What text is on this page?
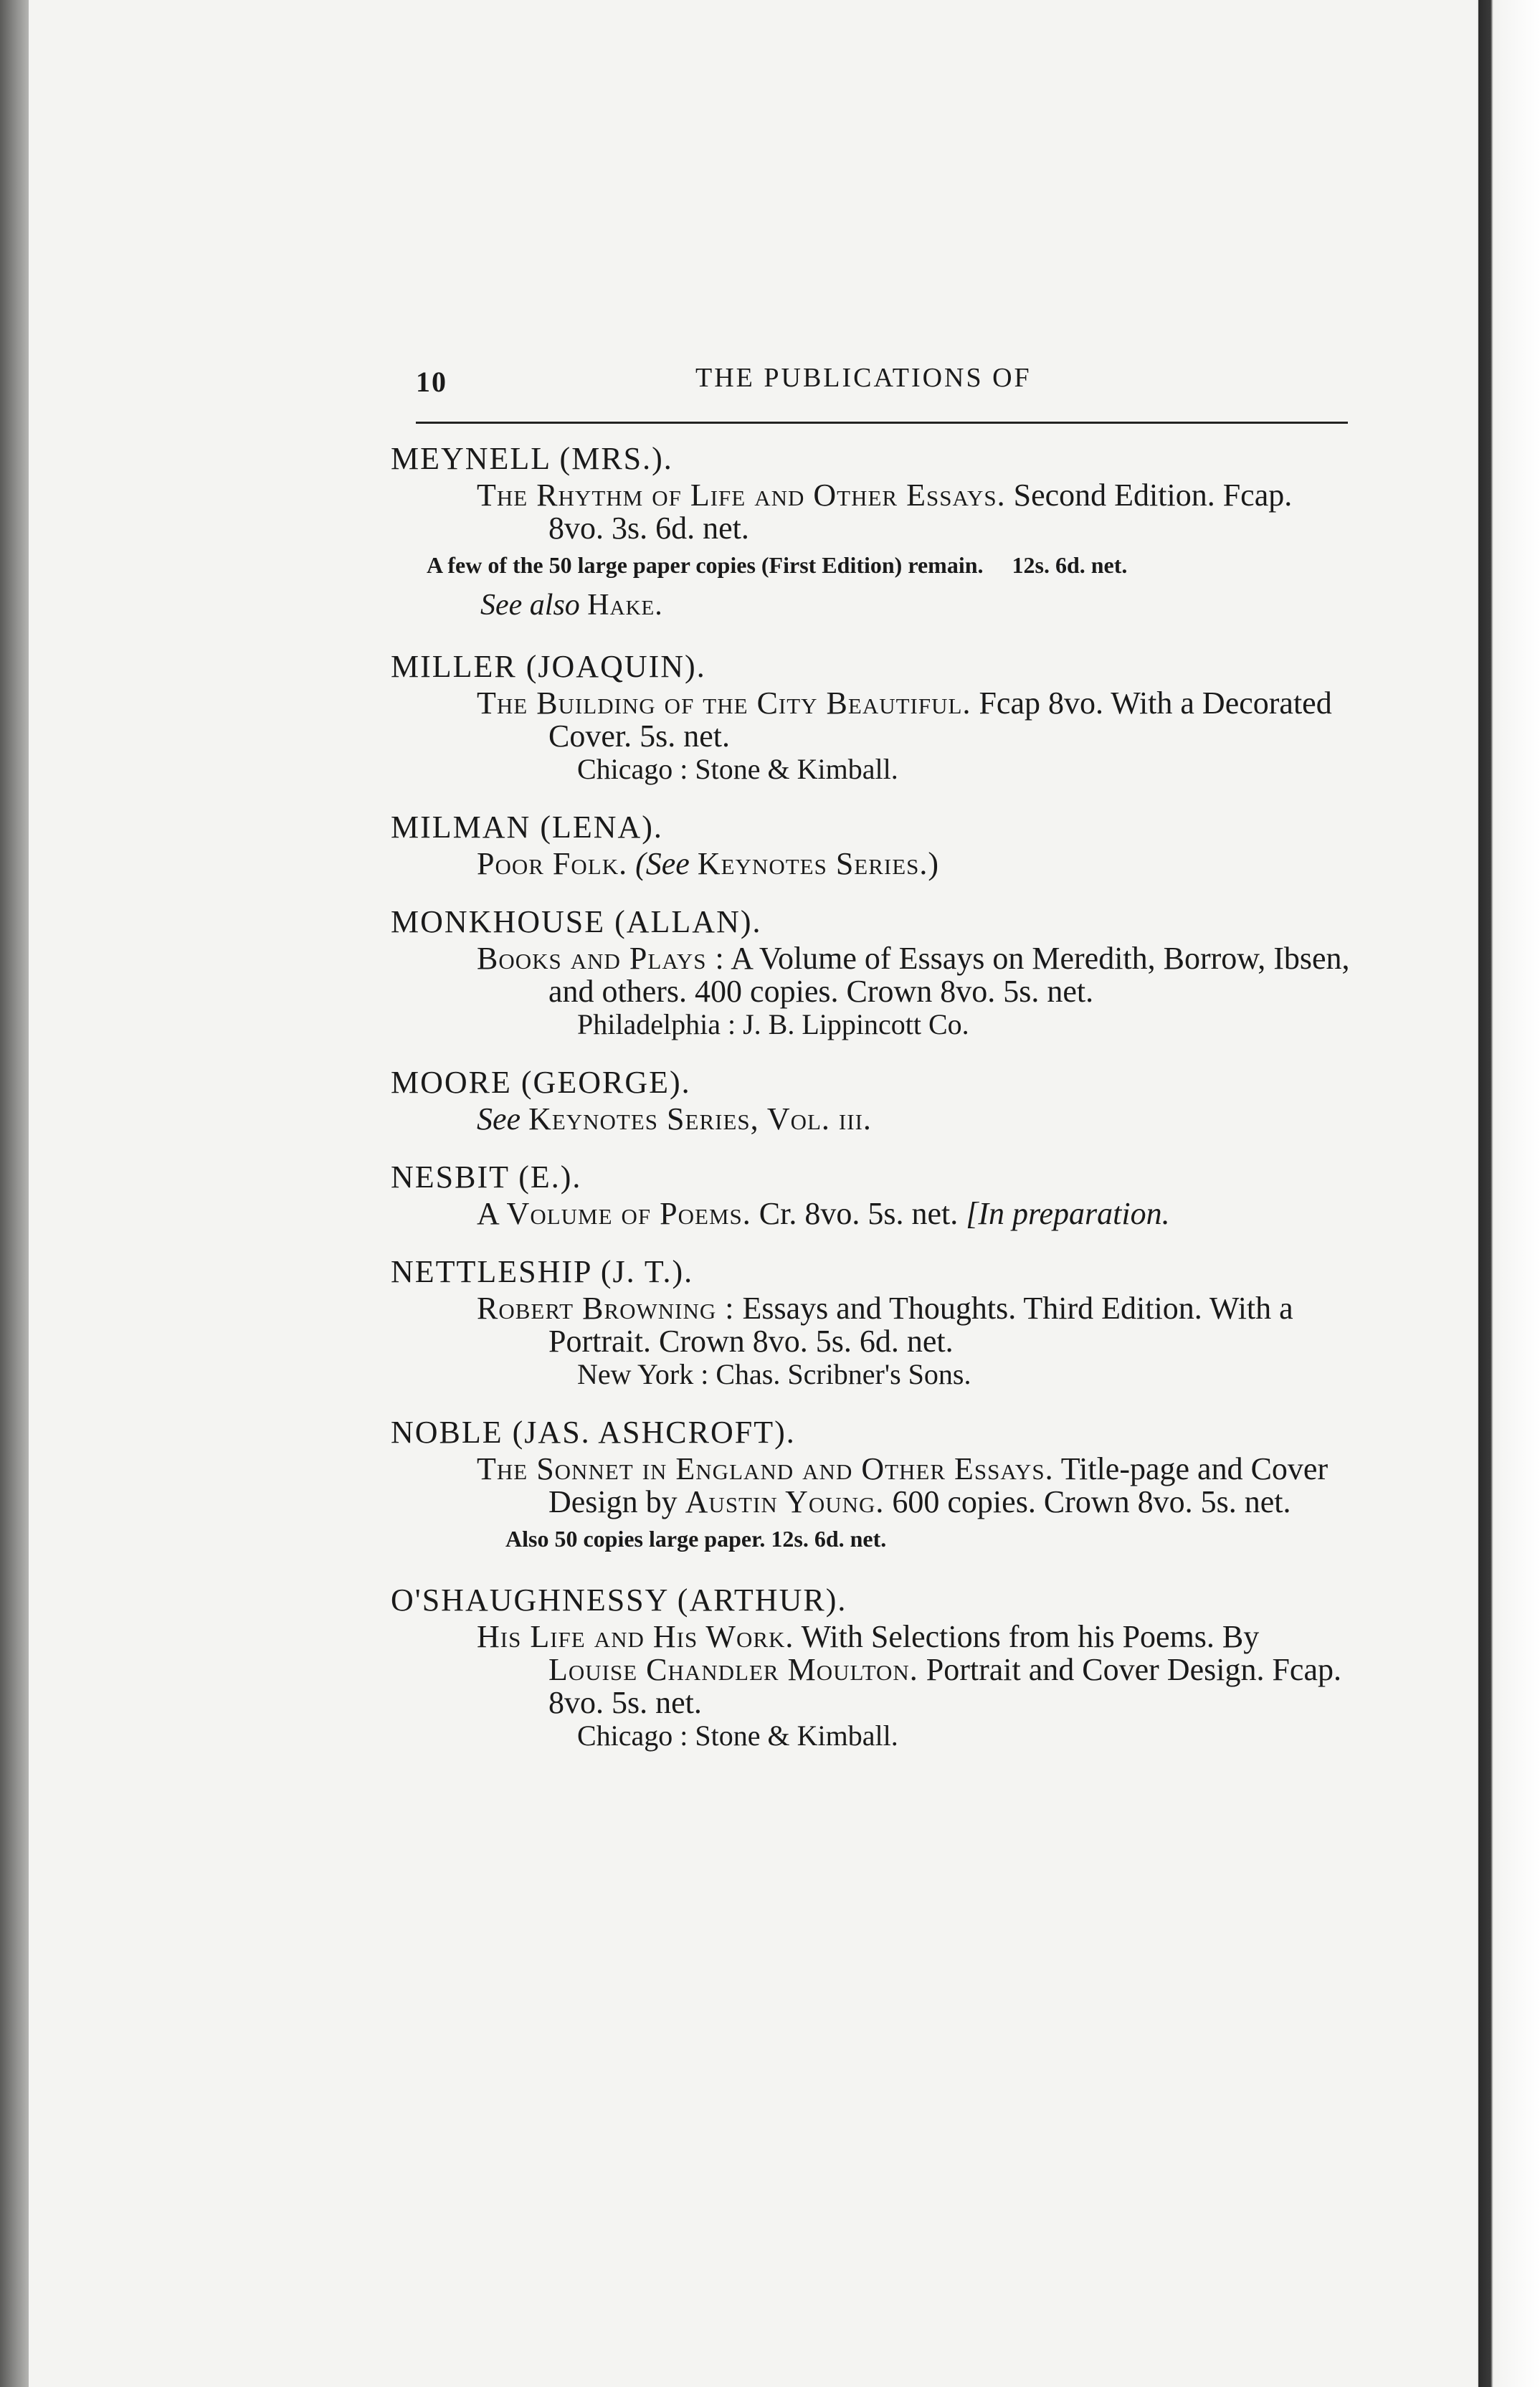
10	THE PUBLICATIONS OF
MEYNELL (MRS.).
The Rhythm of Life and Other Essays. Second Edition. Fcap. 8vo. 3s. 6d. net.
A few of the 50 large paper copies (First Edition) remain. 12s. 6d. net.
See also Hake.
MILLER (JOAQUIN).
The Building of the City Beautiful. Fcap 8vo. With a Decorated Cover. 5s. net.
Chicago : Stone & Kimball.
MILMAN (LENA).
Poor Folk. (See Keynotes Series.)
MONKHOUSE (ALLAN).
Books and Plays : A Volume of Essays on Meredith, Borrow, Ibsen, and others. 400 copies. Crown 8vo. 5s. net.
Philadelphia : J. B. Lippincott Co.
MOORE (GEORGE).
See Keynotes Series, Vol. iii.
NESBIT (E.).
A Volume of Poems. Cr. 8vo. 5s. net. [In preparation.
NETTLESHIP (J. T.).
Robert Browning : Essays and Thoughts. Third Edition. With a Portrait. Crown 8vo. 5s. 6d. net.
New York : Chas. Scribner's Sons.
NOBLE (JAS. ASHCROFT).
The Sonnet in England and Other Essays. Title-page and Cover Design by Austin Young. 600 copies. Crown 8vo. 5s. net.
Also 50 copies large paper. 12s. 6d. net.
O'SHAUGHNESSY (ARTHUR).
His Life and His Work. With Selections from his Poems. By Louise Chandler Moulton. Portrait and Cover Design. Fcap. 8vo. 5s. net.
Chicago : Stone & Kimball.
